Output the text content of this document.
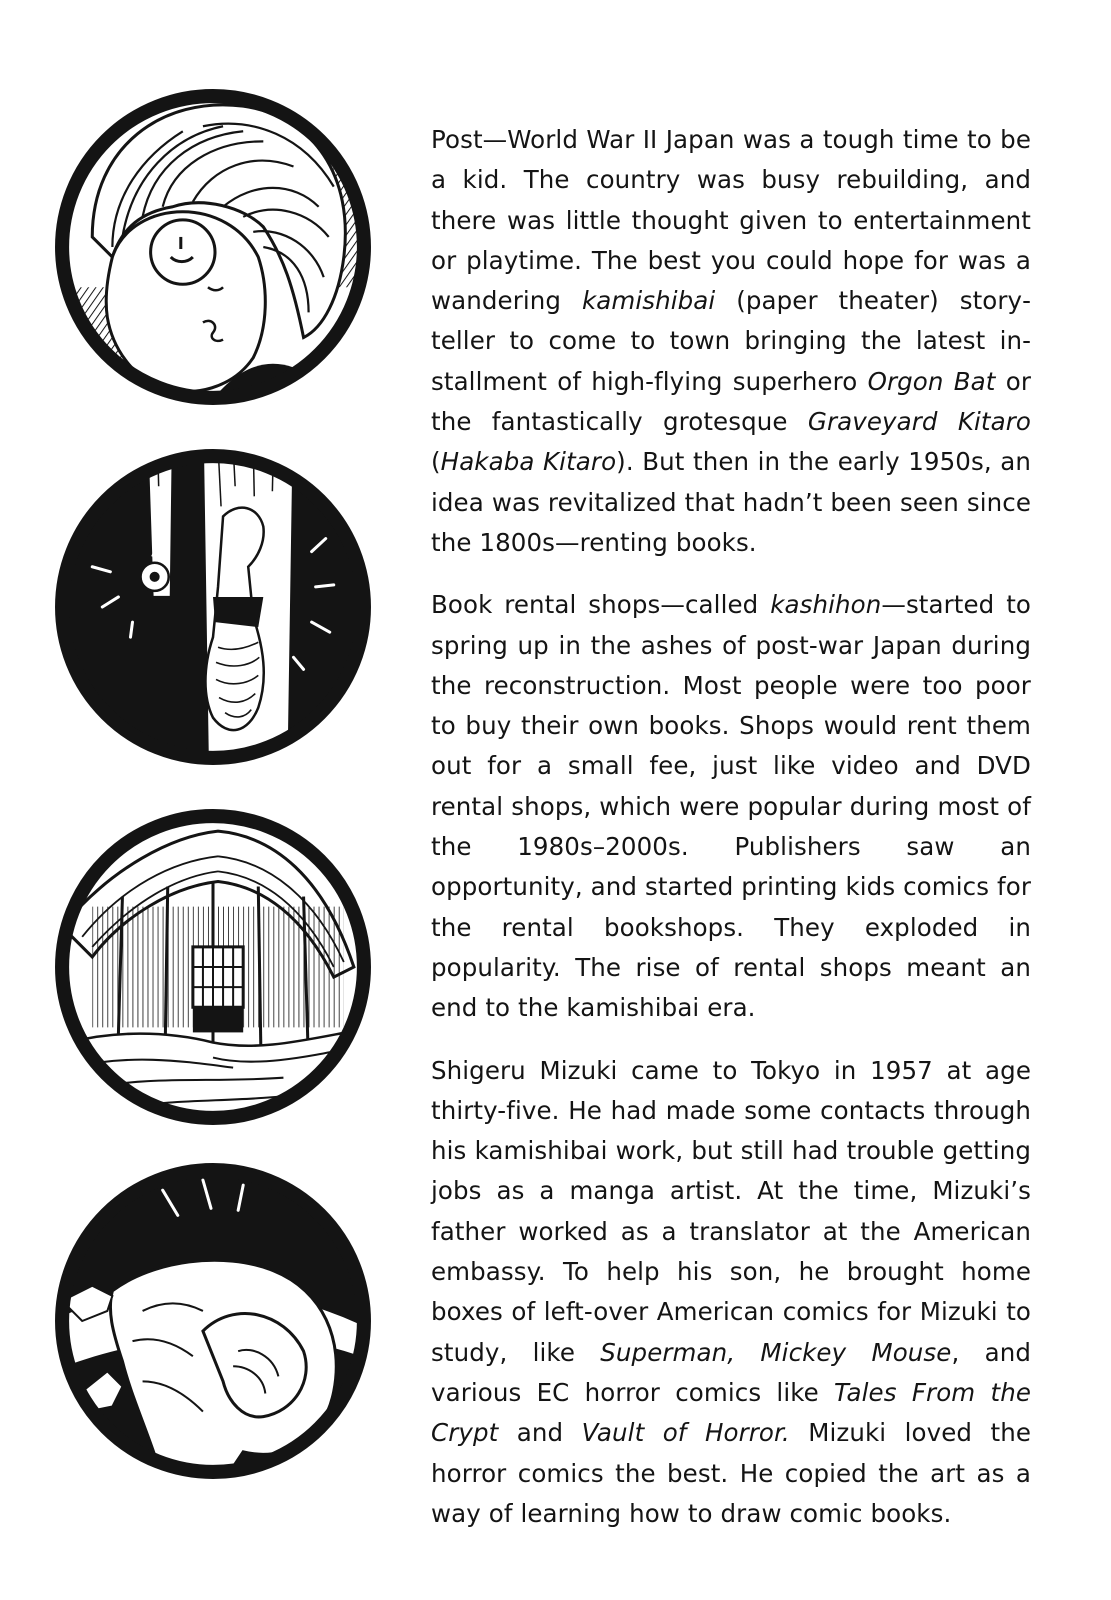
Post—World War II Japan was a tough time to be a kid. The country was busy rebuilding, and there was little thought given to entertainment or playtime. The best you could hope for was a wandering kamishibai (paper theater) storyteller to come to town bringing the latest installment of high-flying superhero Orgon Bat or the fantastically grotesque Graveyard Kitaro (Hakaba Kitaro). But then in the early 1950s, an idea was revitalized that hadn’t been seen since the 1800s—renting books.

Book rental shops—called kashihon—started to spring up in the ashes of post-war Japan during the reconstruction. Most people were too poor to buy their own books. Shops would rent them out for a small fee, just like video and DVD rental shops, which were popular during most of the 1980s–2000s. Publishers saw an opportunity, and started printing kids comics for the rental bookshops. They exploded in popularity. The rise of rental shops meant an end to the kamishibai era.

Shigeru Mizuki came to Tokyo in 1957 at age thirty-five. He had made some contacts through his kamishibai work, but still had trouble getting jobs as a manga artist. At the time, Mizuki’s father worked as a translator at the American embassy. To help his son, he brought home boxes of left-over American comics for Mizuki to study, like Superman, Mickey Mouse, and various EC horror comics like Tales From the Crypt and Vault of Horror. Mizuki loved the horror comics the best. He copied the art as a way of learning how to draw comic books.
